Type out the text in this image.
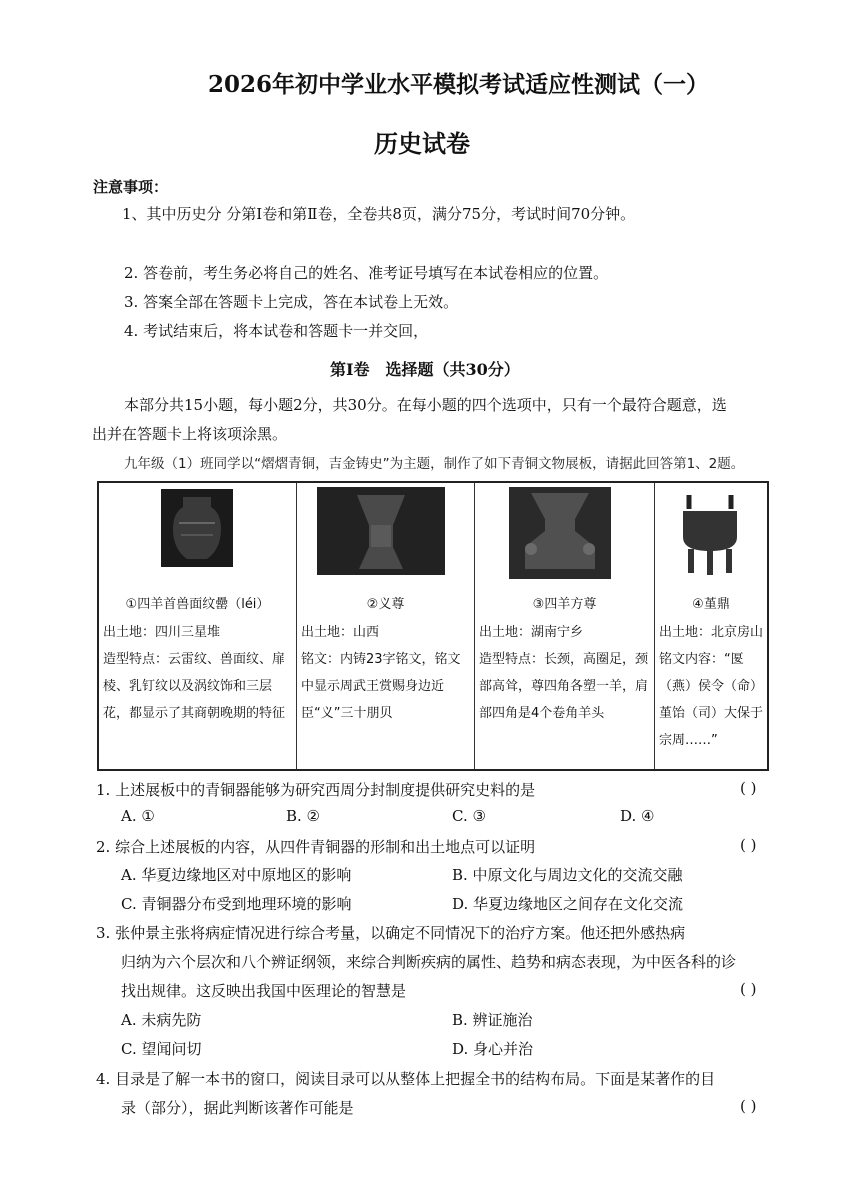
2026年初中学业水平模拟考试适应性测试（一）
历史试卷
注意事项：
1、其中历史分 分第Ⅰ卷和第Ⅱ卷，全卷共8页，满分75分，考试时间70分钟。
2. 答卷前，考生务必将自己的姓名、准考证号填写在本试卷相应的位置。
3. 答案全部在答题卡上完成，答在本试卷上无效。
4. 考试结束后，将本试卷和答题卡一并交回，
第Ⅰ卷　选择题（共30分）
本部分共15小题，每小题2分，共30分。在每小题的四个选项中，只有一个最符合题意，选
出并在答题卡上将该项涂黑。
九年级（1）班同学以“熠熠青铜，吉金铸史”为主题，制作了如下青铜文物展板，请据此回答第1、2题。
①四羊首兽面纹罍（léi）
出土地：四川三星堆
造型特点：云雷纹、兽面纹、扉棱、乳钉纹以及涡纹饰和三层花，都显示了其商朝晚期的特征
②义尊
出土地：山西
铭文：内铸23字铭文，铭文中显示周武王赏赐身边近臣“义”三十朋贝
③四羊方尊
出土地：湖南宁乡
造型特点：长颈，高圈足，颈部高耸，尊四角各塑一羊，肩部四角是4个卷角羊头
④堇鼎
出土地：北京房山
铭文内容：“匽（燕）侯令（命）堇饴（司）大保于宗周……”
1. 上述展板中的青铜器能够为研究西周分封制度提供研究史料的是	( )
A. ①	B. ②	C. ③	D. ④
2. 综合上述展板的内容，从四件青铜器的形制和出土地点可以证明	( )
A. 华夏边缘地区对中原地区的影响	B. 中原文化与周边文化的交流交融
C. 青铜器分布受到地理环境的影响	D. 华夏边缘地区之间存在文化交流
3. 张仲景主张将病症情况进行综合考量，以确定不同情况下的治疗方案。他还把外感热病
归纳为六个层次和八个辨证纲领，来综合判断疾病的属性、趋势和病态表现，为中医各科的诊
找出规律。这反映出我国中医理论的智慧是	( )
A. 未病先防	B. 辨证施治
C. 望闻问切	D. 身心并治
4. 目录是了解一本书的窗口，阅读目录可以从整体上把握全书的结构布局。下面是某著作的目
录（部分），据此判断该著作可能是	( )
